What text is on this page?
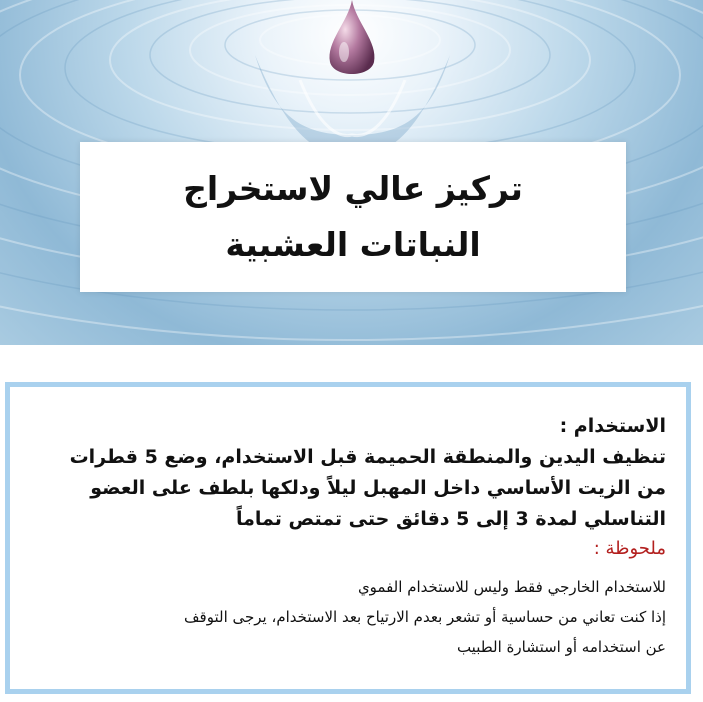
تركيز عالي لاستخراج
النباتات العشبية

الاستخدام :

تنظيف اليدين والمنطقة الحميمة قبل الاستخدام، وضع 5 قطرات

من الزيت الأساسي داخل المهبل ليلاً ودلكها بلطف على العضو

التناسلي لمدة 3 إلى 5 دقائق حتى تمتص تماماً

ملحوظة :

للاستخدام الخارجي فقط وليس للاستخدام الفموي

إذا كنت تعاني من حساسية أو تشعر بعدم الارتياح بعد الاستخدام، يرجى التوقف

عن استخدامه أو استشارة الطبيب
